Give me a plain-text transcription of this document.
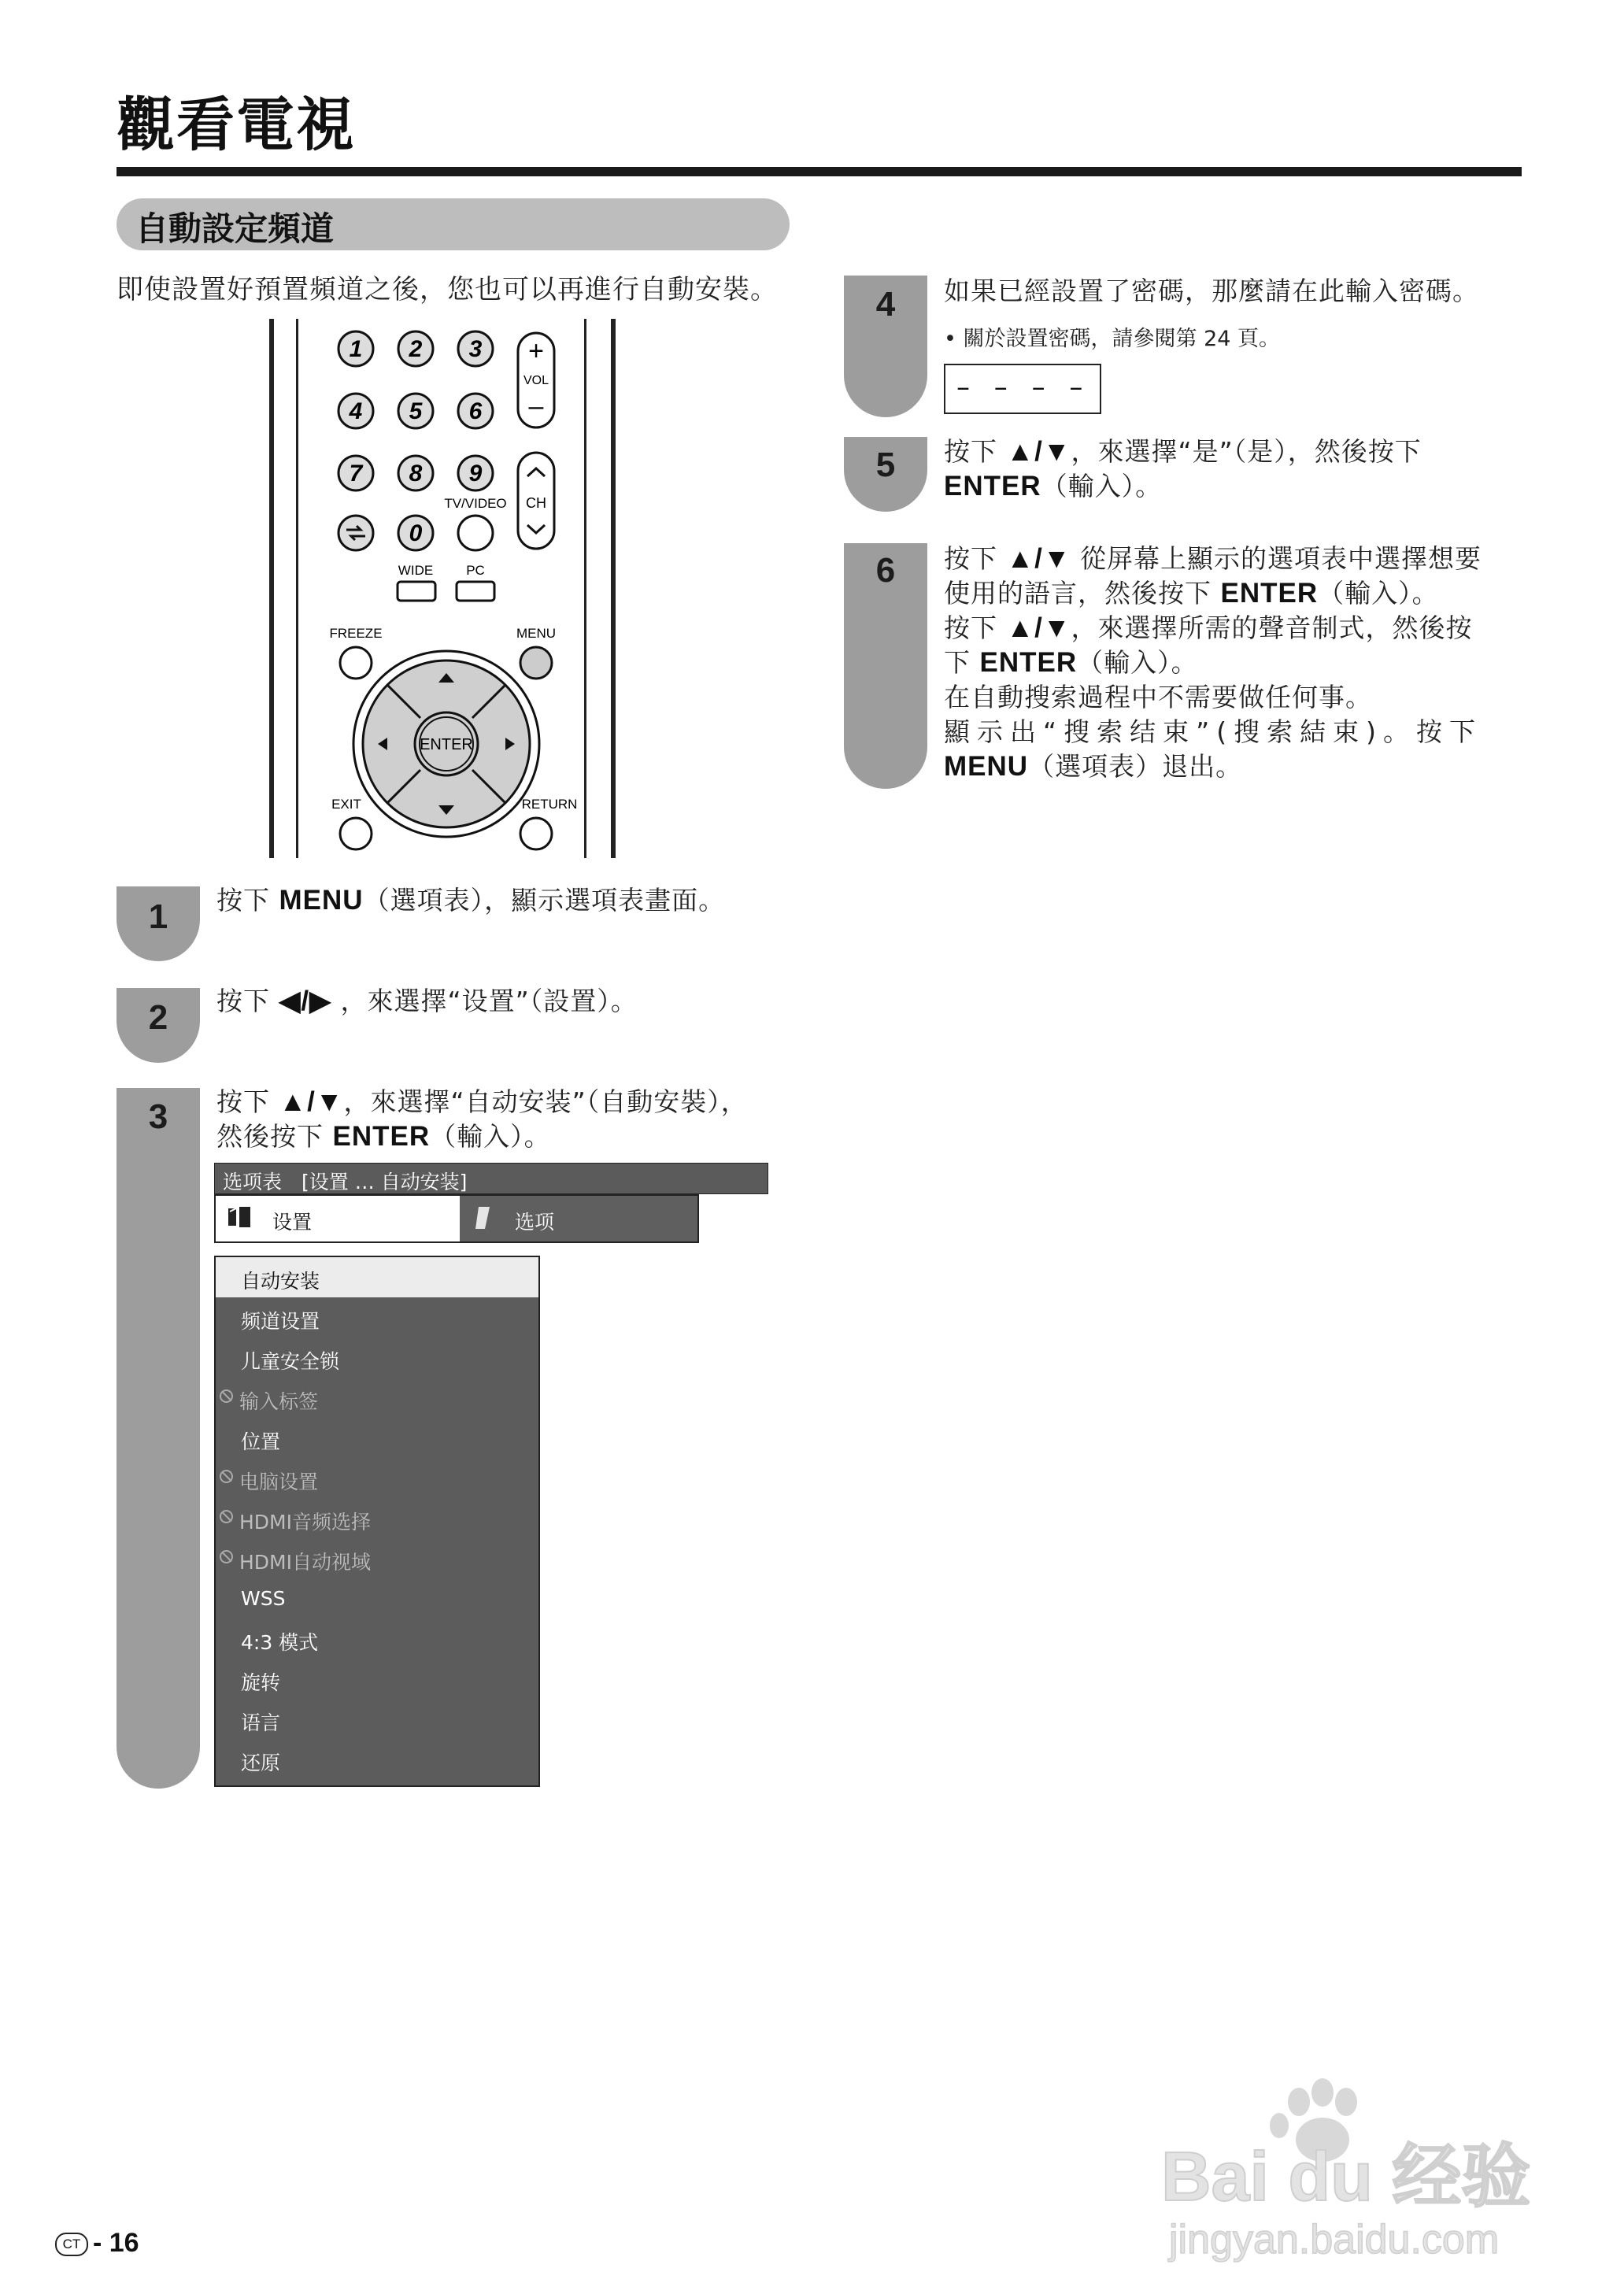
觀看電視
自動設定頻道
即使設置好預置頻道之後，您也可以再進行自動安裝。
1 2 3
4 5 6
7 8 9
0
TV/VIDEO
+
VOL
–
CH
WIDE PC
FREEZE	MENU
ENTER
EXIT	RETURN
1	按下 MENU（選項表），顯示選項表畫面。
2	按下 ◀/▶ ，來選擇“设置”（設置）。
3	按下 ▲/▼，來選擇“自动安装”（自動安裝），
然後按下 ENTER（輸入）。
选项表　[设置 … 自动安装]
设置	选项
自动安装
频道设置
儿童安全锁
输入标签
位置
电脑设置
HDMI音频选择
HDMI自动视域
WSS
4:3 模式
旋转
语言
还原
4	如果已經設置了密碼，那麼請在此輸入密碼。
• 關於設置密碼，請參閱第 24 頁。
– – – –
5	按下 ▲/▼，來選擇“是”（是），然後按下
ENTER（輸入）。
6	按下 ▲/▼ 從屏幕上顯示的選項表中選擇想要
使用的語言，然後按下 ENTER（輸入）。
按下 ▲/▼，來選擇所需的聲音制式，然後按
下 ENTER（輸入）。
在自動搜索過程中不需要做任何事。
顯示出“搜索结束”(搜索結束)。按下
MENU（選項表）退出。
CT - 16
Bai du 经验
jingyan.baidu.com
